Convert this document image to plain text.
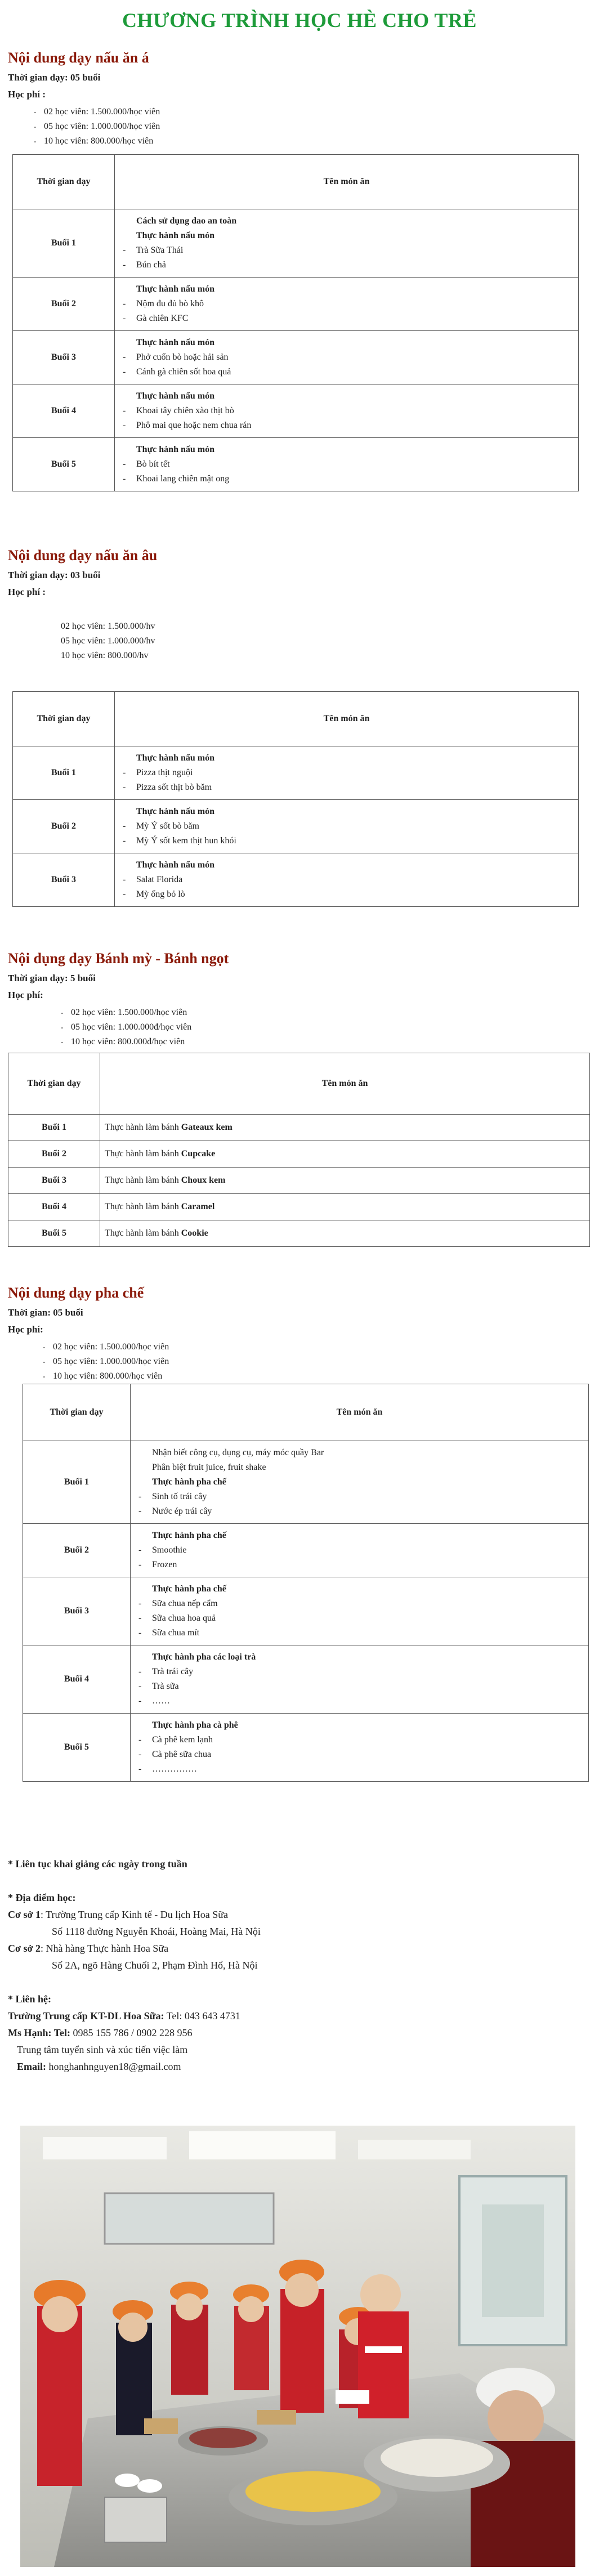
CHƯƠNG TRÌNH HỌC HÈ CHO TRẺ
Nội dung dạy nấu ăn á

Thời gian dạy: 05 buổi

Học phí :

- 02 học viên: 1.500.000/học viên

- 05 học viên: 1.000.000/học viên

- 10 học viên: 800.000/học viên

Thời gian dạy	Tên món ăn
Buổi 1	Cách sử dụng dao an toàn
Thực hành nấu món
- Trà Sữa Thái
- Bún chả

Buổi 2	Thực hành nấu món
- Nộm đu đủ bò khô
- Gà chiên KFC

Buổi 3	Thực hành nấu món
- Phở cuốn bò hoặc hải sản
- Cánh gà chiên sốt hoa quả

Buổi 4	Thực hành nấu món
- Khoai tây chiên xào thịt bò
- Phô mai que hoặc nem chua rán

Buổi 5	Thực hành nấu món
- Bò bít tết
- Khoai lang chiên mật ong
Nội dung dạy nấu ăn âu

Thời gian dạy: 03 buổi

Học phí :

02 học viên: 1.500.000/hv

05 học viên: 1.000.000/hv

10 học viên: 800.000/hv

Thời gian dạy	Tên món ăn
Buổi 1	Thực hành nấu món
- Pizza thịt nguội
- Pizza sốt thịt bò băm

Buổi 2	Thực hành nấu món
- Mỳ Ý sốt bò băm
- Mỳ Ý sốt kem thịt hun khói

Buổi 3	Thực hành nấu món
- Salat Florida
- Mỳ ống bỏ lò
Nội dụng dạy Bánh mỳ - Bánh ngọt

Thời gian dạy: 5 buổi

Học phí:

- 02 học viên: 1.500.000/học viên

- 05 học viên: 1.000.000đ/học viên

- 10 học viên: 800.000đ/học viên

Thời gian dạy	Tên món ăn
Buổi 1	Thực hành làm bánh Gateaux kem
Buổi 2	Thực hành làm bánh Cupcake
Buổi 3	Thực hành làm bánh Choux kem
Buổi 4	Thực hành làm bánh Caramel
Buổi 5	Thực hành làm bánh Cookie
Nội dung dạy pha chế

Thời gian: 05 buổi

Học phí:

- 02 học viên: 1.500.000/học viên

- 05 học viên: 1.000.000/học viên

- 10 học viên: 800.000/học viên

Thời gian dạy	Tên món ăn
Buổi 1	Nhận biết công cụ, dụng cụ, máy móc quầy Bar
Phân biệt fruit juice, fruit shake
Thực hành pha chế
- Sinh tố trái cây
- Nước ép trái cây

Buổi 2	Thực hành pha chế
- Smoothie
- Frozen

Buổi 3	Thực hành pha chế
- Sữa chua nếp cẩm
- Sữa chua hoa quả
- Sữa chua mít

Buổi 4	Thực hành pha các loại trà
- Trà trái cây
- Trà sữa
- ……

Buổi 5	Thực hành pha cà phê
- Cà phê kem lạnh
- Cà phê sữa chua
- ……………

* Liên tục khai giảng các ngày trong tuần

* Địa điểm học:

Cơ sở 1: Trường Trung cấp Kinh tế - Du lịch Hoa Sữa

Số 1118 đường Nguyễn Khoái, Hoàng Mai, Hà Nội

Cơ sở 2: Nhà hàng Thực hành Hoa Sữa

Số 2A, ngõ Hàng Chuối 2, Phạm Đình Hổ, Hà Nội

* Liên hệ:

Trường Trung cấp KT-DL Hoa Sữa: Tel: 043 643 4731

Ms Hạnh: Tel: 0985 155 786 / 0902 228 956

Trung tâm tuyển sinh và xúc tiến việc làm

Email: honghanhnguyen18@gmail.com
